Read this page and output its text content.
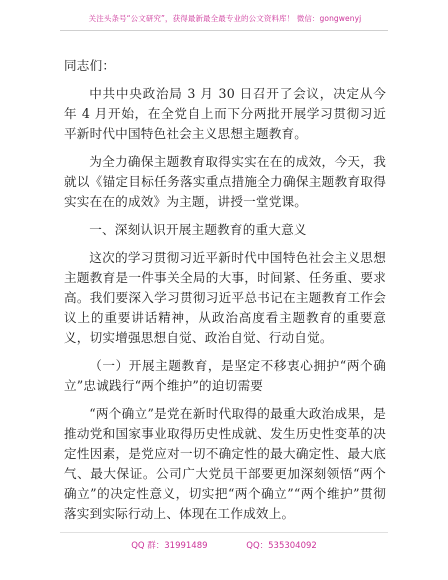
关注头条号“公文研究”，获得最新最全最专业的公文资料库！ 微信：gongwenyj

同志们：

中共中央政治局 3 月 30 日召开了会议，决定从今年 4 月开始，在全党自上而下分两批开展学习贯彻习近平新时代中国特色社会主义思想主题教育。

为全力确保主题教育取得实实在在的成效，今天，我就以《锚定目标任务落实重点措施全力确保主题教育取得实实在在的成效》为主题，讲授一堂党课。

一、深刻认识开展主题教育的重大意义

这次的学习贯彻习近平新时代中国特色社会主义思想主题教育是一件事关全局的大事，时间紧、任务重、要求高。我们要深入学习贯彻习近平总书记在主题教育工作会议上的重要讲话精神，从政治高度看主题教育的重要意义，切实增强思想自觉、政治自觉、行动自觉。

（一）开展主题教育，是坚定不移衷心拥护“两个确立”忠诚践行“两个维护”的迫切需要

“两个确立”是党在新时代取得的最重大政治成果，是推动党和国家事业取得历史性成就、发生历史性变革的决定性因素，是党应对一切不确定性的最大确定性、最大底气、最大保证。公司广大党员干部要更加深刻领悟“两个确立”的决定性意义，切实把“两个确立”“两个维护”贯彻落实到实际行动上、体现在工作成效上。

QQ 群：31991489	QQ：535304092
